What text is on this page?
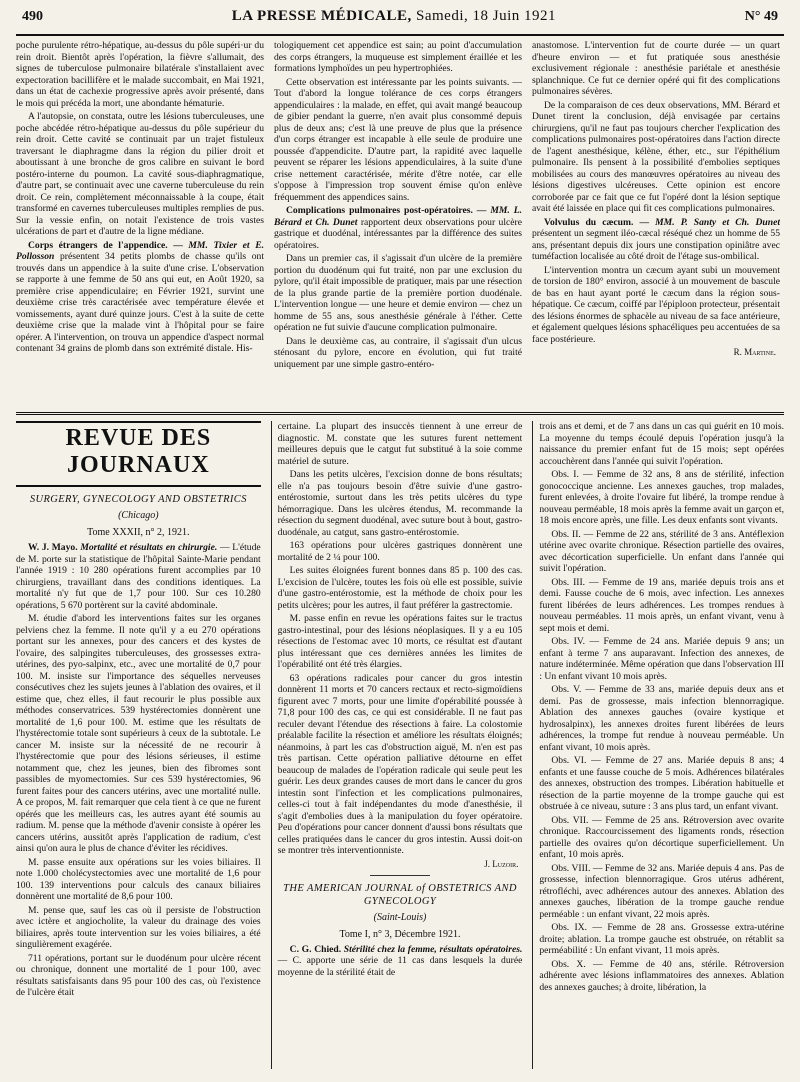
490	LA PRESSE MÉDICALE, Samedi, 18 Juin 1921	N° 49

poche purulente rétro-hépatique, au-dessus du pôle supéri·ur du rein droit. Bientôt après l'opération, la fièvre s'allumait, des signes de tuberculose pulmonaire bilatérale s'installaient avec expectoration bacillifère et le malade succombait, en Mai 1921, dans un état de cachexie progressive après avoir présenté, dans le mois qui précéda la mort, une abondante hématurie.

A l'autopsie, on constata, outre les lésions tuberculeuses, une poche abcédée rétro-hépatique au-dessus du pôle supérieur du rein droit. Cette cavité se continuait par un trajet fistuleux traversant le diaphragme dans la région du pilier droit et aboutissant à une bronche de gros calibre en suivant le bord postéro-interne du poumon. La cavité sous-diaphragmatique, d'autre part, se continuait avec une caverne tuberculeuse du rein droit. Ce rein, complètement méconnaissable à la coupe, était transformé en cavernes tuberculeuses multiples remplies de pus. Sur la vessie enfin, on notait l'existence de trois vastes ulcérations de part et d'autre de la ligne médiane.

Corps étrangers de l'appendice. — MM. Tixier et E. Pollosson présentent 34 petits plombs de chasse qu'ils ont trouvés dans un appendice à la suite d'une crise. L'observation se rapporte à une femme de 50 ans qui eut, en Août 1920, sa première crise appendiculaire; en Février 1921, survint une deuxième crise très caractérisée avec température élevée et vomissements, ayant duré quinze jours. C'est à la suite de cette deuxième crise que la malade vint à l'hôpital pour se faire opérer. A l'intervention, on trouva un appendice d'aspect normal contenant 34 grains de plomb dans son extrémité distale. His-

tologiquement cet appendice est sain; au point d'accumulation des corps étrangers, la muqueuse est simplement éraillée et les formations lymphoïdes un peu hypertrophiées.

Cette observation est intéressante par les points suivants. — Tout d'abord la longue tolérance de ces corps étrangers appendiculaires : la malade, en effet, qui avait mangé beaucoup de gibier pendant la guerre, n'en avait plus consommé depuis plus de deux ans; c'est là une preuve de plus que la présence d'un corps étranger est incapable à elle seule de produire une poussée d'appendicite. D'autre part, la rapidité avec laquelle peuvent se réparer les lésions appendiculaires, à la suite d'une crise nettement caractérisée, mérite d'être notée, car elle s'oppose à l'impression trop souvent émise qu'on enlève fréquemment des appendices sains.

Complications pulmonaires post-opératoires. — MM. L. Bérard et Ch. Dunet rapportent deux observations pour ulcère gastrique et duodénal, intéressantes par la différence des suites opératoires.

Dans un premier cas, il s'agissait d'un ulcère de la première portion du duodénum qui fut traité, non par une exclusion du pylore, qu'il était impossible de pratiquer, mais par une résection de la plus grande partie de la première portion duodénale. L'intervention longue — une heure et demie environ — chez un homme de 55 ans, sous anesthésie générale à l'éther. Cette opération ne fut suivie d'aucune complication pulmonaire.

Dans le deuxième cas, au contraire, il s'agissait d'un ulcus sténosant du pylore, encore en évolution, qui fut traité uniquement par une simple gastro-entéro-

anastomose. L'intervention fut de courte durée — un quart d'heure environ — et fut pratiquée sous anesthésie exclusivement régionale : anesthésie pariétale et anesthésie splanchnique. Ce fut ce dernier opéré qui fit des complications pulmonaires sévères.

De la comparaison de ces deux observations, MM. Bérard et Dunet tirent la conclusion, déjà envisagée par certains chirurgiens, qu'il ne faut pas toujours chercher l'explication des complications pulmonaires post-opératoires dans l'action directe de l'agent anesthésique, kélène, éther, etc., sur l'épithélium pulmonaire. Ils pensent à la possibilité d'embolies septiques mobilisées au cours des manœuvres opératoires au niveau des lésions digestives ulcéreuses. Cette opinion est encore corroborée par ce fait que ce fut l'opéré dont la lésion septique avait été laissée en place qui fit ces complications pulmonaires.

Volvulus du cæcum. — MM. P. Santy et Ch. Dunet présentent un segment iléo-cæcal réséqué chez un homme de 55 ans, présentant depuis dix jours une constipation opiniâtre avec tuméfaction localisée au côté droit de l'étage sus-ombilical.

L'intervention montra un cæcum ayant subi un mouvement de torsion de 180° environ, associé à un mouvement de bascule de bas en haut ayant porté le cæcum dans la région sous-hépatique. Ce cæcum, coiffé par l'épiploon protecteur, présentait des lésions énormes de sphacèle au niveau de sa face antérieure, et également quelques lésions sphacéliques peu accentuées de sa face postérieure.

R. Martine.
REVUE DES JOURNAUX
SURGERY, GYNECOLOGY AND OBSTETRICS
(Chicago)
Tome XXXII, n° 2, 1921.

W. J. Mayo. Mortalité et résultats en chirurgie. — L'étude de M. porte sur la statistique de l'hôpital Sainte-Marie pendant l'année 1919 : 10 280 opérations furent accomplies par 10 chirurgiens, travaillant dans des conditions identiques. La mortalité n'y fut que de 1,7 pour 100. Sur ces 10.280 opérations, 5 670 portèrent sur la cavité abdominale.

M. étudie d'abord les interventions faites sur les organes pelviens chez la femme. Il note qu'il y a eu 270 opérations portant sur les annexes, pour des cancers et des kystes de l'ovaire, des salpingites tuberculeuses, des grossesses extra-utérines, des pyo-salpinx, etc., avec une mortalité de 0,7 pour 100. M. insiste sur l'importance des séquelles nerveuses consécutives chez les sujets jeunes à l'ablation des ovaires, et il estime que, chez elles, il faut recourir le plus possible aux méthodes conservatrices. 539 hystérectomies donnèrent une mortalité de 1,6 pour 100. M. estime que les résultats de l'hystérectomie totale sont supérieurs à ceux de la subtotale. Le cancer M. insiste sur la nécessité de ne recourir à l'hystérectomie que pour des lésions sérieuses, il estime notamment que, chez les jeunes, bien des fibromes sont passibles de myomectomies. Sur ces 539 hystérectomies, 96 furent faites pour des cancers utérins, avec une mortalité nulle. A ce propos, M. fait remarquer que cela tient à ce que ne furent opérés que les meilleurs cas, les autres ayant été soumis au radium. M. pense que la méthode d'avenir consiste à opérer les cancers utérins, aussitôt après l'application de radium, c'est ainsi qu'on aura le plus de chance d'éviter les récidives.

M. passe ensuite aux opérations sur les voies biliaires. Il note 1.000 cholécystectomies avec une mortalité de 1,6 pour 100. 139 interventions pour calculs des canaux biliaires donnèrent une mortalité de 8,6 pour 100.

M. pense que, sauf les cas où il persiste de l'obstruction avec ictère et angiocholite, la valeur du drainage des voies biliaires, après toute intervention sur les voies biliaires, a été singulièrement exagérée.

711 opérations, portant sur le duodénum pour ulcère récent ou chronique, donnent une mortalité de 1 pour 100, avec résultats satisfaisants dans 95 pour 100 des cas, où l'existence de l'ulcère était

certaine. La plupart des insuccès tiennent à une erreur de diagnostic. M. constate que les sutures furent nettement meilleures depuis que le catgut fut substitué à la soie comme matériel de suture.

Dans les petits ulcères, l'excision donne de bons résultats; elle n'a pas toujours besoin d'être suivie d'une gastro-entérostomie, surtout dans les très petits ulcères du type hémorragique. Dans les ulcères étendus, M. recommande la résection du segment duodénal, avec suture bout à bout, gastro-duodénale, au catgut, sans gastro-entérostomie.

163 opérations pour ulcères gastriques donnèrent une mortalité de 2 ¼ pour 100.

Les suites éloignées furent bonnes dans 85 p. 100 des cas. L'excision de l'ulcère, toutes les fois où elle est possible, suivie d'une gastro-entérostomie, est la méthode de choix pour les petits ulcères; pour les autres, il faut préférer la gastrectomie.

M. passe enfin en revue les opérations faites sur le tractus gastro-intestinal, pour des lésions néoplasiques. Il y a eu 105 résections de l'estomac avec 10 morts, ce résultat est d'autant plus intéressant que ces dernières années les limites de l'opérabilité ont été très élargies.

63 opérations radicales pour cancer du gros intestin donnèrent 11 morts et 70 cancers rectaux et recto-sigmoïdiens figurent avec 7 morts, pour une limite d'opérabilité poussée à 71,8 pour 100 des cas, ce qui est considérable. Il ne faut pas reculer devant l'étendue des résections à faire. La colostomie préalable facilite la résection et améliore les résultats éloignés; néanmoins, à part les cas d'obstruction aiguë, M. n'en est pas très partisan. Cette opération palliative détourne en effet beaucoup de malades de l'opération radicale qui seule peut les guérir. Les deux grandes causes de mort dans le cancer du gros intestin sont l'infection et les complications pulmonaires, celles-ci tout à fait indépendantes du mode d'anesthésie, il s'agit d'embolies dues à la manipulation du foyer opératoire. Peu d'opérations pour cancer donnent d'aussi bons résultats que celles pratiquées dans le cancer du gros intestin. Aussi doit-on se montrer très interventionniste.

J. Luzoir.
THE AMERICAN JOURNAL of OBSTETRICS AND GYNECOLOGY
(Saint-Louis)
Tome I, n° 3, Décembre 1921.

C. G. Chied. Stérilité chez la femme, résultats opératoires. — C. apporte une série de 11 cas dans lesquels la durée moyenne de la stérilité était de

trois ans et demi, et de 7 ans dans un cas qui guérit en 10 mois. La moyenne du temps écoulé depuis l'opération jusqu'à la naissance du premier enfant fut de 15 mois; sept opérées accouchèrent dans l'année qui suivit l'opération.

Obs. I. — Femme de 32 ans, 8 ans de stérilité, infection gonococcique ancienne. Les annexes gauches, trop malades, furent enlevées, à droite l'ovaire fut libéré, la trompe rendue à nouveau perméable, 18 mois après la femme avait un garçon et, 18 mois encore après, une fille. Les deux enfants sont vivants.

Obs. II. — Femme de 22 ans, stérilité de 3 ans. Antéflexion utérine avec ovarite chronique. Résection partielle des ovaires, avec décortication superficielle. Un enfant dans l'année qui suivit l'opération.

Obs. III. — Femme de 19 ans, mariée depuis trois ans et demi. Fausse couche de 6 mois, avec infection. Les annexes furent libérées de leurs adhérences. Les trompes rendues à nouveau perméables. 11 mois après, un enfant vivant, venu à sept mois et demi.

Obs. IV. — Femme de 24 ans. Mariée depuis 9 ans; un enfant à terme 7 ans auparavant. Infection des annexes, de nature indéterminée. Même opération que dans l'observation III : Un enfant vivant 10 mois après.

Obs. V. — Femme de 33 ans, mariée depuis deux ans et demi. Pas de grossesse, mais infection blennorragique. Ablation des annexes gauches (ovaire kystique et hydrosalpinx), les annexes droites furent libérées de leurs adhérences, la trompe fut rendue à nouveau perméable. Un enfant vivant, 10 mois après.

Obs. VI. — Femme de 27 ans. Mariée depuis 8 ans; 4 enfants et une fausse couche de 5 mois. Adhérences bilatérales des annexes, obstruction des trompes. Libération habituelle et résection de la partie moyenne de la trompe gauche qui est obstruée à ce niveau, suture : 3 ans plus tard, un enfant vivant.

Obs. VII. — Femme de 25 ans. Rétroversion avec ovarite chronique. Raccourcissement des ligaments ronds, résection partielle des ovaires qu'on décortique superficiellement. Un enfant, 10 mois après.

Obs. VIII. — Femme de 32 ans. Mariée depuis 4 ans. Pas de grossesse, infection blennorragique. Gros utérus adhérent, rétrofléchi, avec adhérences autour des annexes. Ablation des annexes gauches, libération de la trompe gauche rendue perméable : un enfant vivant, 22 mois après.

Obs. IX. — Femme de 28 ans. Grossesse extra-utérine droite; ablation. La trompe gauche est obstruée, on rétablit sa perméabilité : Un enfant vivant, 11 mois après.

Obs. X. — Femme de 40 ans, stérile. Rétroversion adhérente avec lésions inflammatoires des annexes. Ablation des annexes gauches; à droite, libération, la
